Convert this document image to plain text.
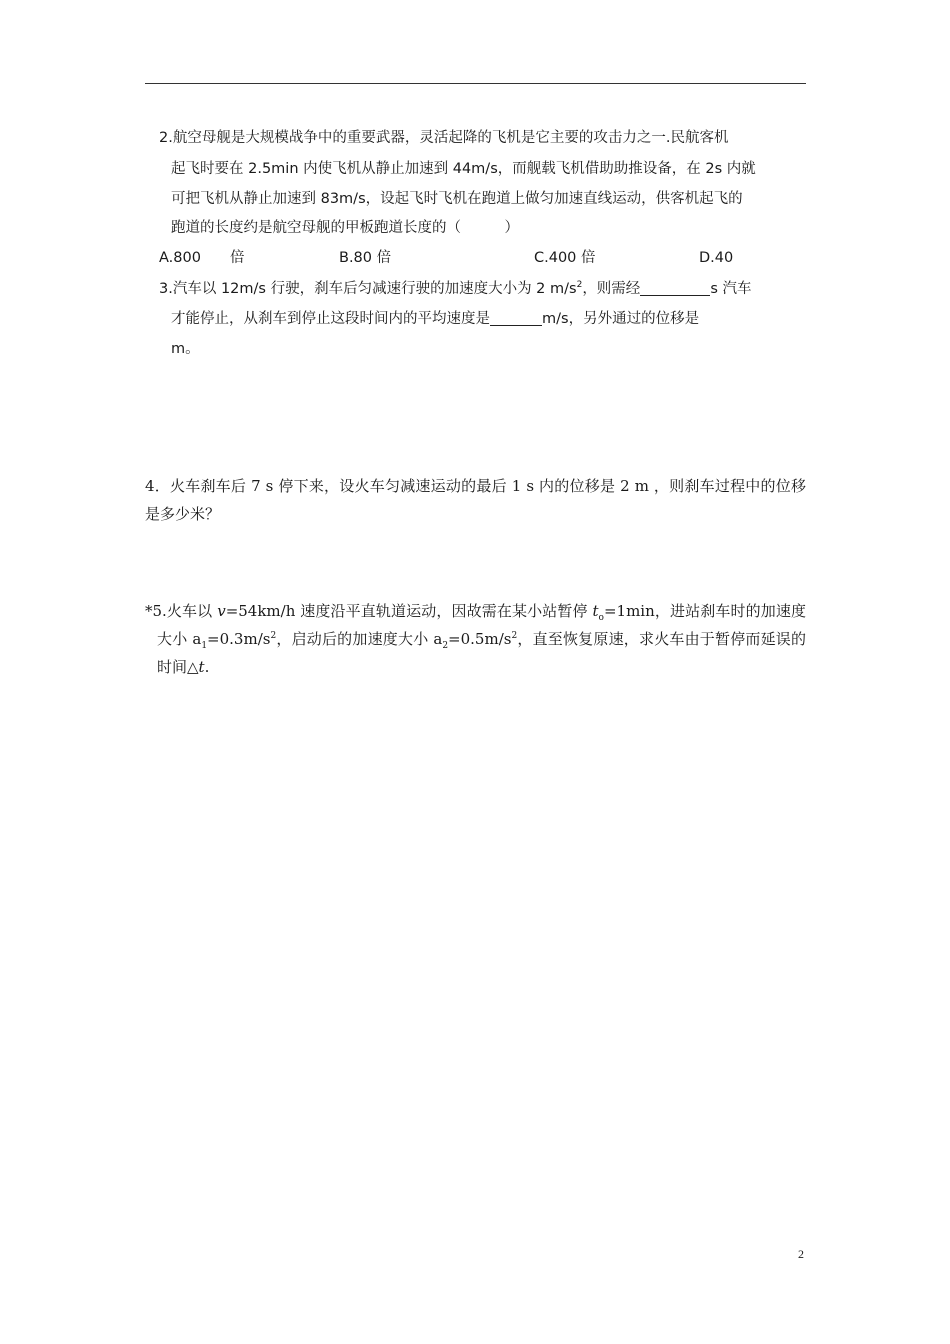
2.航空母舰是大规模战争中的重要武器，灵活起降的飞机是它主要的攻击力之一.民航客机
起飞时要在 2.5min 内使飞机从静止加速到 44m/s，而舰载飞机借助助推设备，在 2s 内就
可把飞机从静止加速到 83m/s，设起飞时飞机在跑道上做匀加速直线运动，供客机起飞的
跑道的长度约是航空母舰的甲板跑道长度的（　　　）
A.800　　倍	B.80 倍	C.400 倍	D.40
3.汽车以 12m/s 行驶，刹车后匀减速行驶的加速度大小为 2 $m/s^2$，则需经	s 汽车
才能停止，从刹车到停止这段时间内的平均速度是	m/s，另外通过的位移是
m。
4．火车刹车后 7 s 停下来，设火车匀减速运动的最后 1 s 内的位移是 2 m ，则刹车过程中的位移是多少米？
*5.火车以 v=54km/h 速度沿平直轨道运动，因故需在某小站暂停 $t_o=1\min$，进站刹车时的加速度大小 $a_1=0.3m/s^2$，启动后的加速度大小 $a_2=0.5m/s^2$，直至恢复原速，求火车由于暂停而延误的时间△t.
2
